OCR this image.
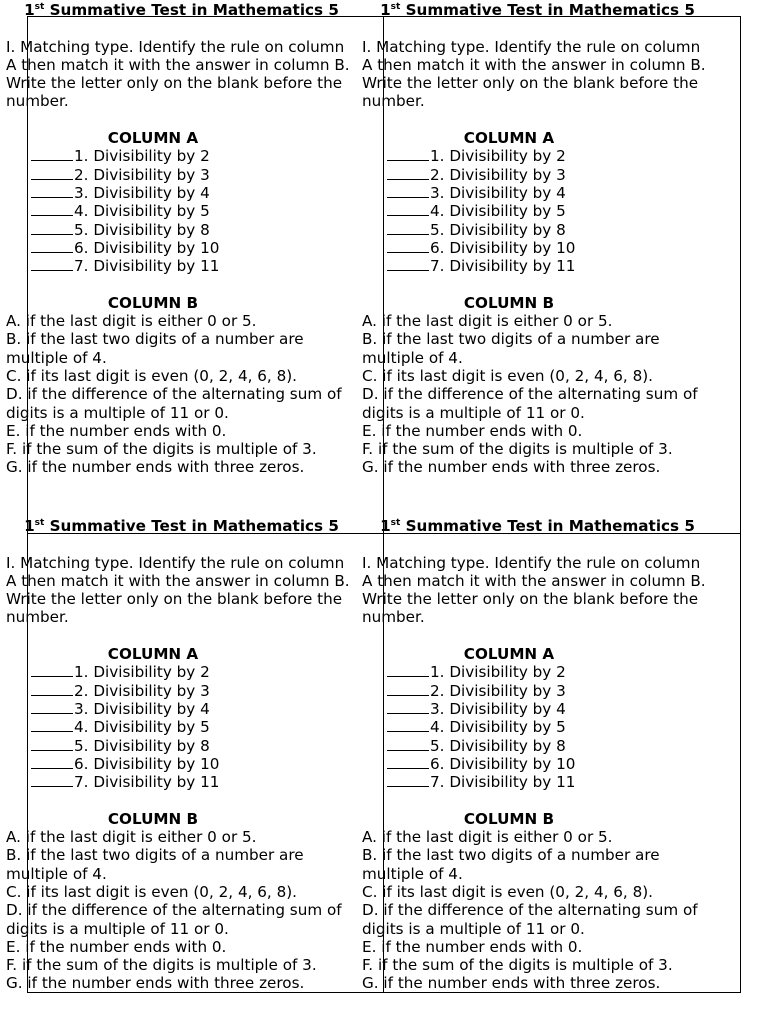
1st Summative Test in Mathematics 5
I. Matching type. Identify the rule on column A then match it with the answer in column B. Write the letter only on the blank before the number.
COLUMN A
1. Divisibility by 2
2. Divisibility by 3
3. Divisibility by 4
4. Divisibility by 5
5. Divisibility by 8
6. Divisibility by 10
7. Divisibility by 11
COLUMN B
A. if the last digit is either 0 or 5.
B. if the last two digits of a number are multiple of 4.
C. if its last digit is even (0, 2, 4, 6, 8).
D. if the difference of the alternating sum of digits is a multiple of 11 or 0.
E. if the number ends with 0.
F. if the sum of the digits is multiple of 3.
G. if the number ends with three zeros.
1st Summative Test in Mathematics 5
I. Matching type. Identify the rule on column A then match it with the answer in column B. Write the letter only on the blank before the number.
COLUMN A
1. Divisibility by 2
2. Divisibility by 3
3. Divisibility by 4
4. Divisibility by 5
5. Divisibility by 8
6. Divisibility by 10
7. Divisibility by 11
COLUMN B
A. if the last digit is either 0 or 5.
B. if the last two digits of a number are multiple of 4.
C. if its last digit is even (0, 2, 4, 6, 8).
D. if the difference of the alternating sum of digits is a multiple of 11 or 0.
E. if the number ends with 0.
F. if the sum of the digits is multiple of 3.
G. if the number ends with three zeros.
1st Summative Test in Mathematics 5
I. Matching type. Identify the rule on column A then match it with the answer in column B. Write the letter only on the blank before the number.
COLUMN A
1. Divisibility by 2
2. Divisibility by 3
3. Divisibility by 4
4. Divisibility by 5
5. Divisibility by 8
6. Divisibility by 10
7. Divisibility by 11
COLUMN B
A. if the last digit is either 0 or 5.
B. if the last two digits of a number are multiple of 4.
C. if its last digit is even (0, 2, 4, 6, 8).
D. if the difference of the alternating sum of digits is a multiple of 11 or 0.
E. if the number ends with 0.
F. if the sum of the digits is multiple of 3.
G. if the number ends with three zeros.
1st Summative Test in Mathematics 5
I. Matching type. Identify the rule on column A then match it with the answer in column B. Write the letter only on the blank before the number.
COLUMN A
1. Divisibility by 2
2. Divisibility by 3
3. Divisibility by 4
4. Divisibility by 5
5. Divisibility by 8
6. Divisibility by 10
7. Divisibility by 11
COLUMN B
A. if the last digit is either 0 or 5.
B. if the last two digits of a number are multiple of 4.
C. if its last digit is even (0, 2, 4, 6, 8).
D. if the difference of the alternating sum of digits is a multiple of 11 or 0.
E. if the number ends with 0.
F. if the sum of the digits is multiple of 3.
G. if the number ends with three zeros.
